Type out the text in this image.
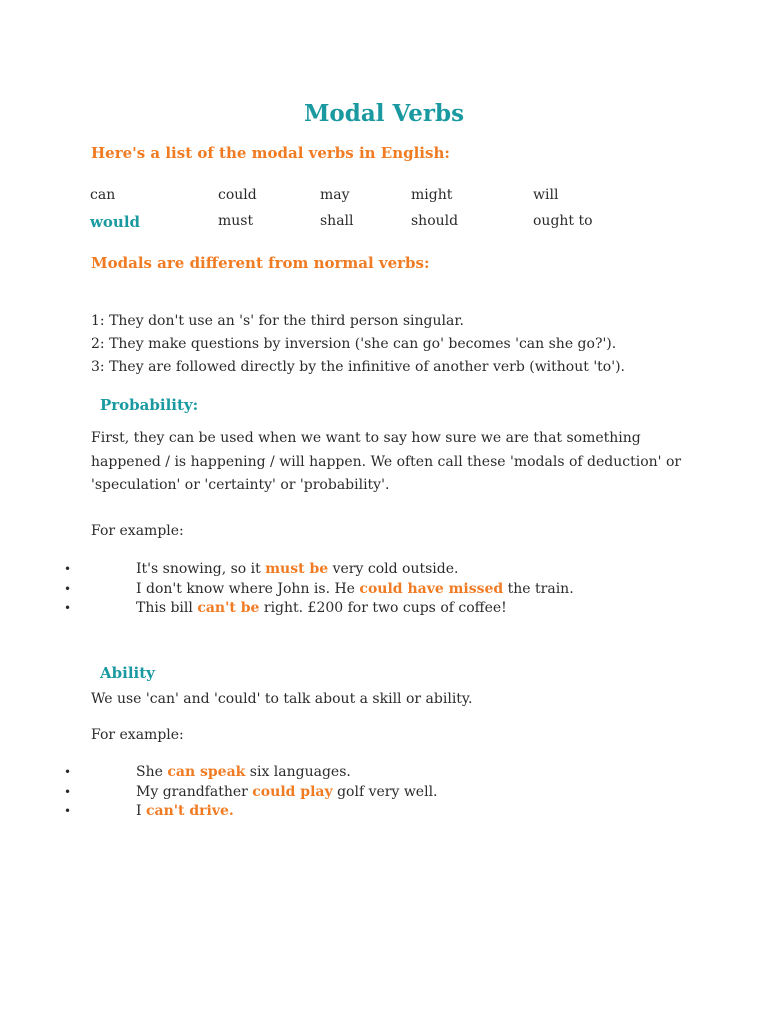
Modal Verbs
Here's a list of the modal verbs in English:
can	could	may	might	will
would	must	shall	should	ought to
Modals are different from normal verbs:
1: They don't use an 's' for the third person singular.
2: They make questions by inversion ('she can go' becomes 'can she go?').
3: They are followed directly by the infinitive of another verb (without 'to').
Probability:
First, they can be used when we want to say how sure we are that something happened / is happening / will happen. We often call these 'modals of deduction' or 'speculation' or 'certainty' or 'probability'.
For example:
•	It's snowing, so it must be very cold outside.
•	I don't know where John is. He could have missed the train.
•	This bill can't be right. £200 for two cups of coffee!
Ability
We use 'can' and 'could' to talk about a skill or ability.
For example:
•	She can speak six languages.
•	My grandfather could play golf very well.
•	I can't drive.
